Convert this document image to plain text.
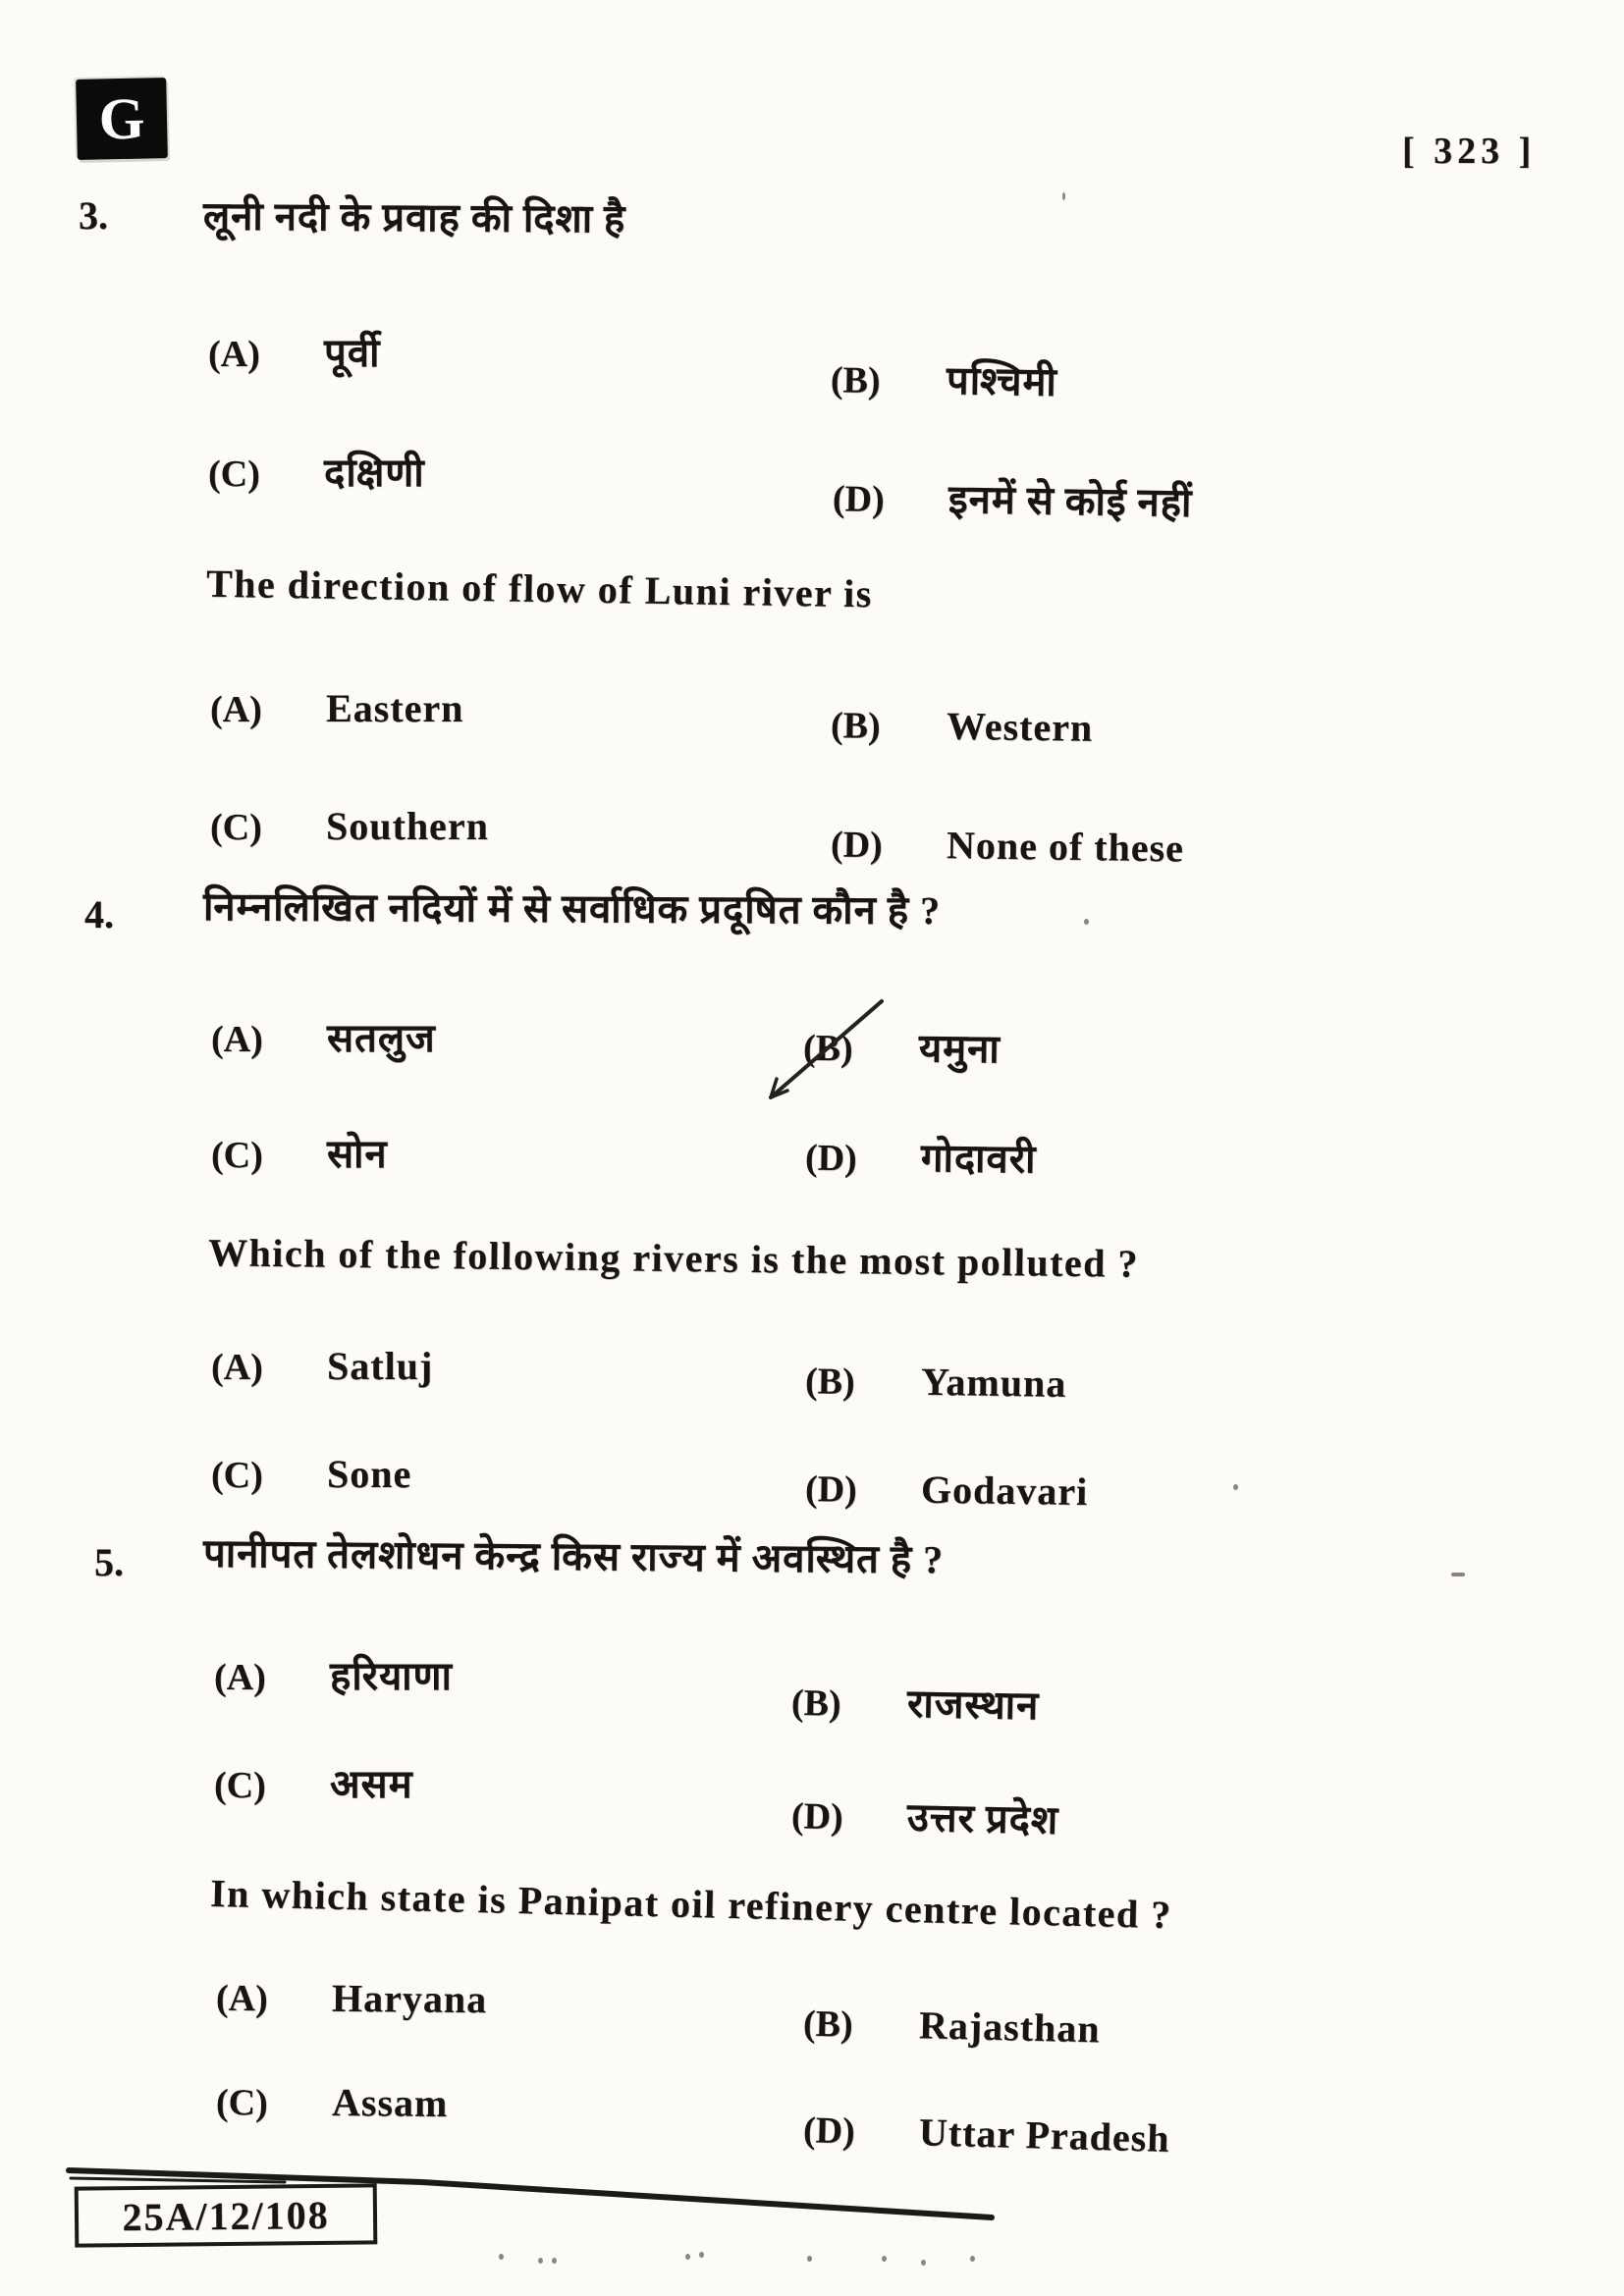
G
[ 323 ]
3. लूनी नदी के प्रवाह की दिशा है
(A)	पूर्वी
(B)	पश्चिमी
(C)	दक्षिणी
(D)	इनमें से कोई नहीं
The direction of flow of Luni river is
(A)	Eastern	(B)	Western
(C)	Southern	(D)	None of these
4. निम्नलिखित नदियों में से सर्वाधिक प्रदूषित कौन है ?
(A)	सतलुज	(B)	यमुना
(C)	सोन	(D)	गोदावरी
Which of the following rivers is the most polluted ?
(A)	Satluj	(B)	Yamuna
(C)	Sone	(D)	Godavari
5. पानीपत तेलशोधन केन्द्र किस राज्य में अवस्थित है ?
(A)	हरियाणा
(B)	राजस्थान
(C)	असम
(D)	उत्तर प्रदेश
In which state is Panipat oil refinery centre located ?
(A)	Haryana
(B)	Rajasthan
(C)	Assam
(D)	Uttar Pradesh
25A/12/108
